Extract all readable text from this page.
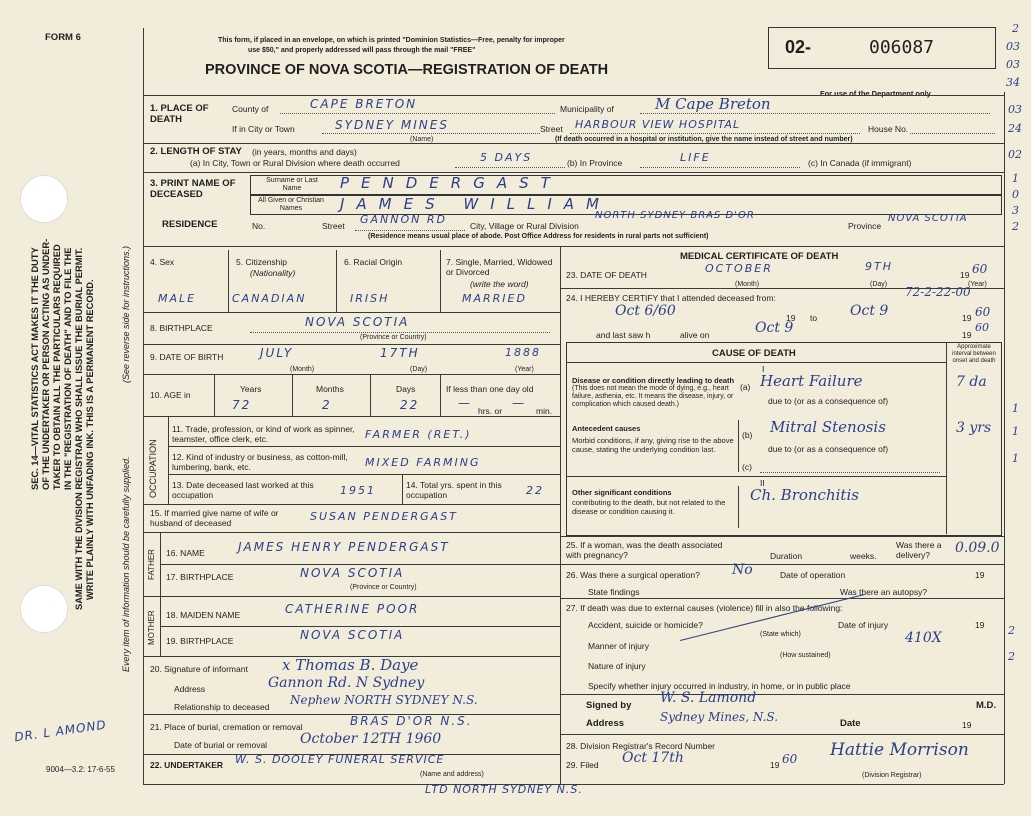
FORM 6
SEC. 14—VITAL STATISTICS ACT MAKES IT THE DUTY OF THE UNDERTAKER OR PERSON ACTING AS UNDER- TAKER TO OBTAIN ALL THE PARTICULARS REQUIRED IN THE "REGISTRATION OF DEATH" AND TO FILE THE SAME WITH THE DIVISION REGISTRAR WHO SHALL ISSUE THE BURIAL PERMIT. WRITE PLAINLY WITH UNFADING INK. THIS IS A PERMANENT RECORD.	Every item of information should be carefully supplied.
(See reverse side for instructions.)
This form, if placed in an envelope, on which is printed "Dominion Statistics—Free, penalty for improper
use $50," and properly addressed will pass through the mail "FREE"
PROVINCE OF NOVA SCOTIA—REGISTRATION OF DEATH
02-	006087
For use of the Department only
2
03
03
34
03
24
02
1
0
3
2
1
1
1
2
2
1. PLACE OF DEATH
County of	CAPE BRETON	Municipality of	M Cape Breton
If in City or Town	SYDNEY MINES
(Name)
Street HARBOUR VIEW HOSPITAL	House No.
(If death occurred in a hospital or institution, give the name instead of street and number)
2. LENGTH OF STAY (in years, months and days)
(a) In City, Town or Rural Division where death occurred	5 DAYS	(b) In Province	LIFE	(c) In Canada (if immigrant)
3. PRINT NAME OF DECEASED
Surname or Last Name
All Given or Christian Names
PENDERGAST
JAMES WILLIAM
RESIDENCE	No.	Street GANNON RD	City, Village or Rural Division
NORTH SYDNEY BRAS D'OR
Province
NOVA SCOTIA
(Residence means usual place of abode. Post Office Address for residents in rural parts not sufficient)
4. Sex	5. Citizenship
(Nationality)
6. Racial Origin	7. Single, Married, Widowed or Divorced
(write the word)
MALE	CANADIAN	IRISH	MARRIED
8. BIRTHPLACE	NOVA SCOTIA
(Province or Country)
9. DATE OF BIRTH	JULY	17TH	1888
(Month)	(Day)	(Year)
10. AGE in
Years	Months	Days	If less than one day old
72	2	22	—
hrs. or
—
min.
OCCUPATION
11. Trade, profession, or kind of work as spinner, teamster, office clerk, etc.	FARMER (RET.)
12. Kind of industry or business, as cotton-mill, lumbering, bank, etc.	MIXED FARMING
13. Date deceased last worked at this occupation	1951	14. Total yrs. spent in this occupation	22
15. If married give name of wife or husband of deceased	SUSAN PENDERGAST
FATHER 16. NAME	JAMES HENRY PENDERGAST
17. BIRTHPLACE	NOVA SCOTIA
(Province or Country)
MOTHER 18. MAIDEN NAME	CATHERINE POOR
19. BIRTHPLACE	NOVA SCOTIA
20. Signature of informant x Thomas B. Daye
Address	Gannon Rd. N Sydney
Relationship to deceased Nephew NORTH SYDNEY N.S.
21. Place of burial, cremation or removal	BRAS D'OR N.S.
Date of burial or removal October 12TH 1960
22. UNDERTAKER W. S. DOOLEY FUNERAL SERVICE
(Name and address)
LTD NORTH SYDNEY N.S.
DR. L AMOND
9004—3.2: 17-6-55
MEDICAL CERTIFICATE OF DEATH
23. DATE OF DEATH	OCTOBER	9TH
19 60
(Month)	(Day)	(Year)
24. I HEREBY CERTIFY that I attended deceased from:	72-2-22-00
Oct 6/60	19 to Oct 9	19 60
and last saw h	alive on	Oct 9	19
60
CAUSE OF DEATH
Approximate interval between onset and death
I
Disease or condition directly leading to death
(This does not mean the mode of dying, e.g., heart failure, asthenia, etc. It means the disease, injury, or complication which caused death.)
(a) Heart Failure	7 da
due to (or as a consequence of)
Antecedent causes
Morbid conditions, if any, giving rise to the above cause, stating the underlying condition last.
(b) Mitral Stenosis	3 yrs
due to (or as a consequence of)
(c)
II
Other significant conditions
contributing to the death, but not related to the disease or condition causing it.
Ch. Bronchitis
25. If a woman, was the death associated with pregnancy?	Duration	weeks.
Was there a delivery?	0.09.0
26. Was there a surgical operation? No	Date of operation	19
State findings	Was there an autopsy?
27. If death was due to external causes (violence) fill in also the following:
Accident, suicide or homicide?
(State which)
Date of injury	19
Manner of injury	410X
(How sustained)
Nature of injury
Specify whether injury occurred in industry, in home, or in public place
Signed by W. S. Lamond	M.D.
Address	Sydney Mines, N.S.	Date	19
28. Division Registrar's Record Number
29. Filed Oct 17th	19 60 Hattie Morrison
(Division Registrar)
